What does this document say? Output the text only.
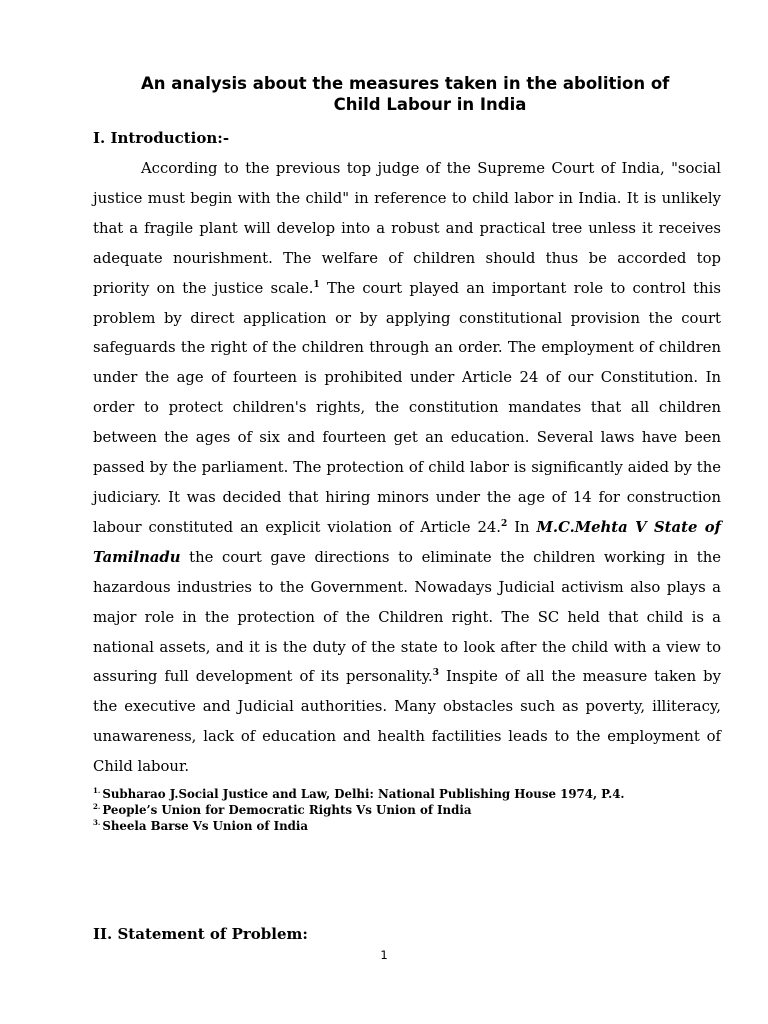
An analysis about the measures taken in the abolition of
Child Labour in India
I. Introduction:-

According to the previous top judge of the Supreme Court of India, "social justice must begin with the child" in reference to child labor in India. It is unlikely that a fragile plant will develop into a robust and practical tree unless it receives adequate nourishment. The welfare of children should thus be accorded top priority on the justice scale.$^1$ The court played an important role to control this problem by direct application or by applying constitutional provision the court safeguards the right of the children through an order. The employment of children under the age of fourteen is prohibited under Article 24 of our Constitution. In order to protect children's rights, the constitution mandates that all children between the ages of six and fourteen get an education. Several laws have been passed by the parliament. The protection of child labor is significantly aided by the judiciary. It was decided that hiring minors under the age of 14 for construction labour constituted an explicit violation of Article 24.$^2$ In M.C.Mehta V State of Tamilnadu the court gave directions to eliminate the children working in the hazardous industries to the Government. Nowadays Judicial activism also plays a major role in the protection of the Children right. The SC held that child is a national assets, and it is the duty of the state to look after the child with a view to assuring full development of its personality.$^3$ Inspite of all the measure taken by the executive and Judicial authorities. Many obstacles such as poverty, illiteracy, unawareness, lack of education and health factilities leads to the employment of Child labour.

$^{1.}$ Subharao J.Social Justice and Law, Delhi: National Publishing House 1974, P.4.
$^{2.}$ People’s Union for Democratic Rights Vs Union of India
$^{3.}$ Sheela Barse Vs Union of India
II. Statement of Problem:
1
